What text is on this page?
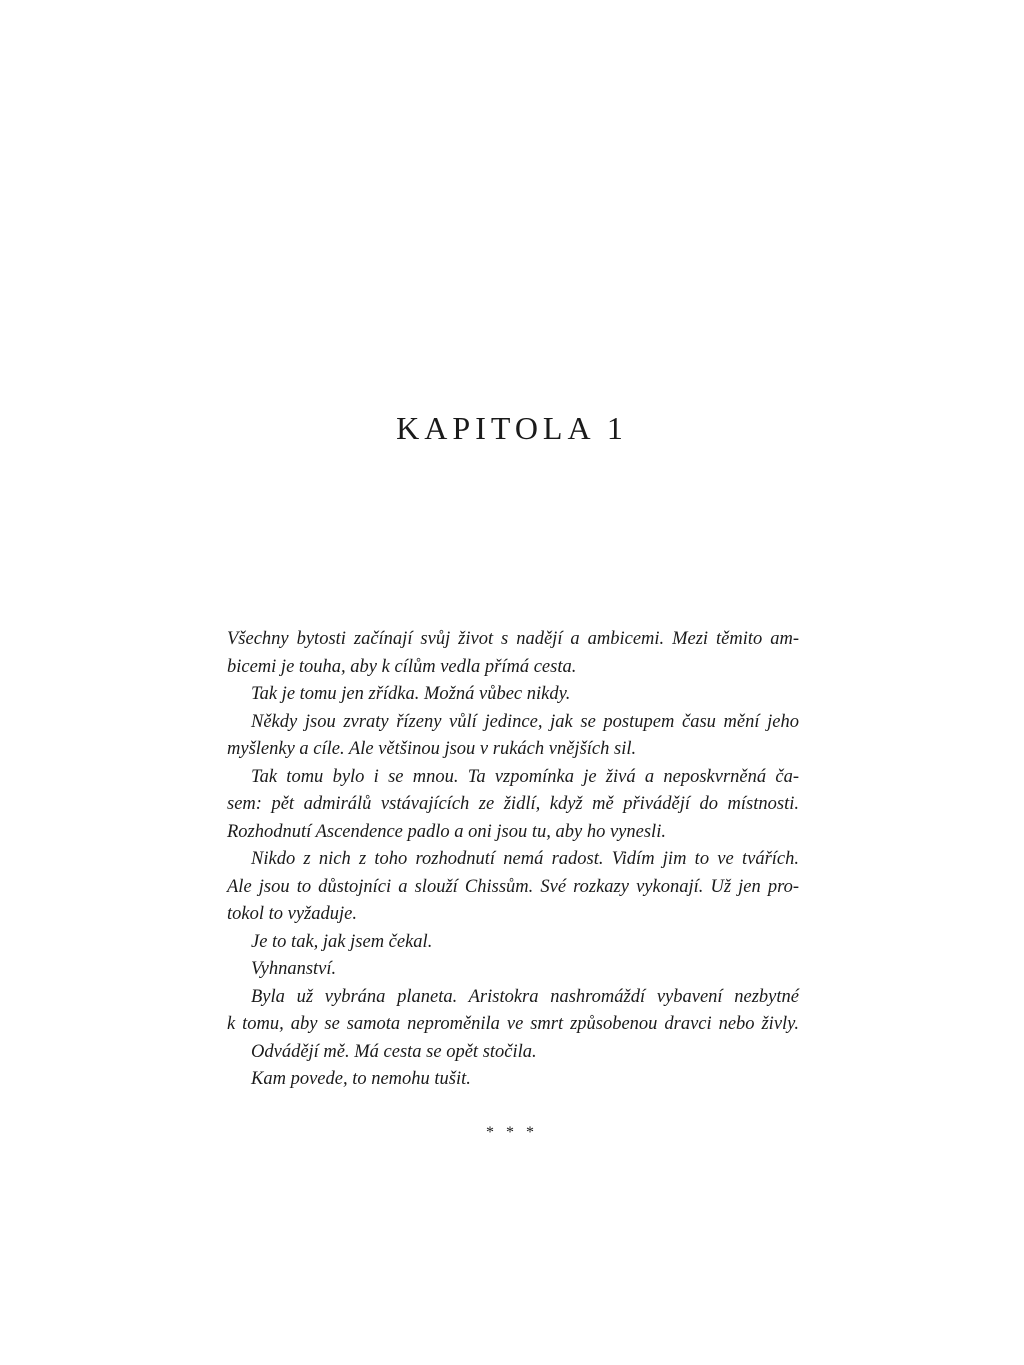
KAPITOLA 1
Všechny bytosti začínají svůj život s nadějí a ambicemi. Mezi těmito am-
bicemi je touha, aby k cílům vedla přímá cesta.
Tak je tomu jen zřídka. Možná vůbec nikdy.
Někdy jsou zvraty řízeny vůlí jedince, jak se postupem času mění jeho
myšlenky a cíle. Ale většinou jsou v rukách vnějších sil.
Tak tomu bylo i se mnou. Ta vzpomínka je živá a neposkvrněná ča-
sem: pět admirálů vstávajících ze židlí, když mě přivádějí do místnosti.
Rozhodnutí Ascendence padlo a oni jsou tu, aby ho vynesli.
Nikdo z nich z toho rozhodnutí nemá radost. Vidím jim to ve tvářích.
Ale jsou to důstojníci a slouží Chissům. Své rozkazy vykonají. Už jen pro-
tokol to vyžaduje.
Je to tak, jak jsem čekal.
Vyhnanství.
Byla už vybrána planeta. Aristokra nashromáždí vybavení nezbytné
k tomu, aby se samota neproměnila ve smrt způsobenou dravci nebo živly.
Odvádějí mě. Má cesta se opět stočila.
Kam povede, to nemohu tušit.
* * *
